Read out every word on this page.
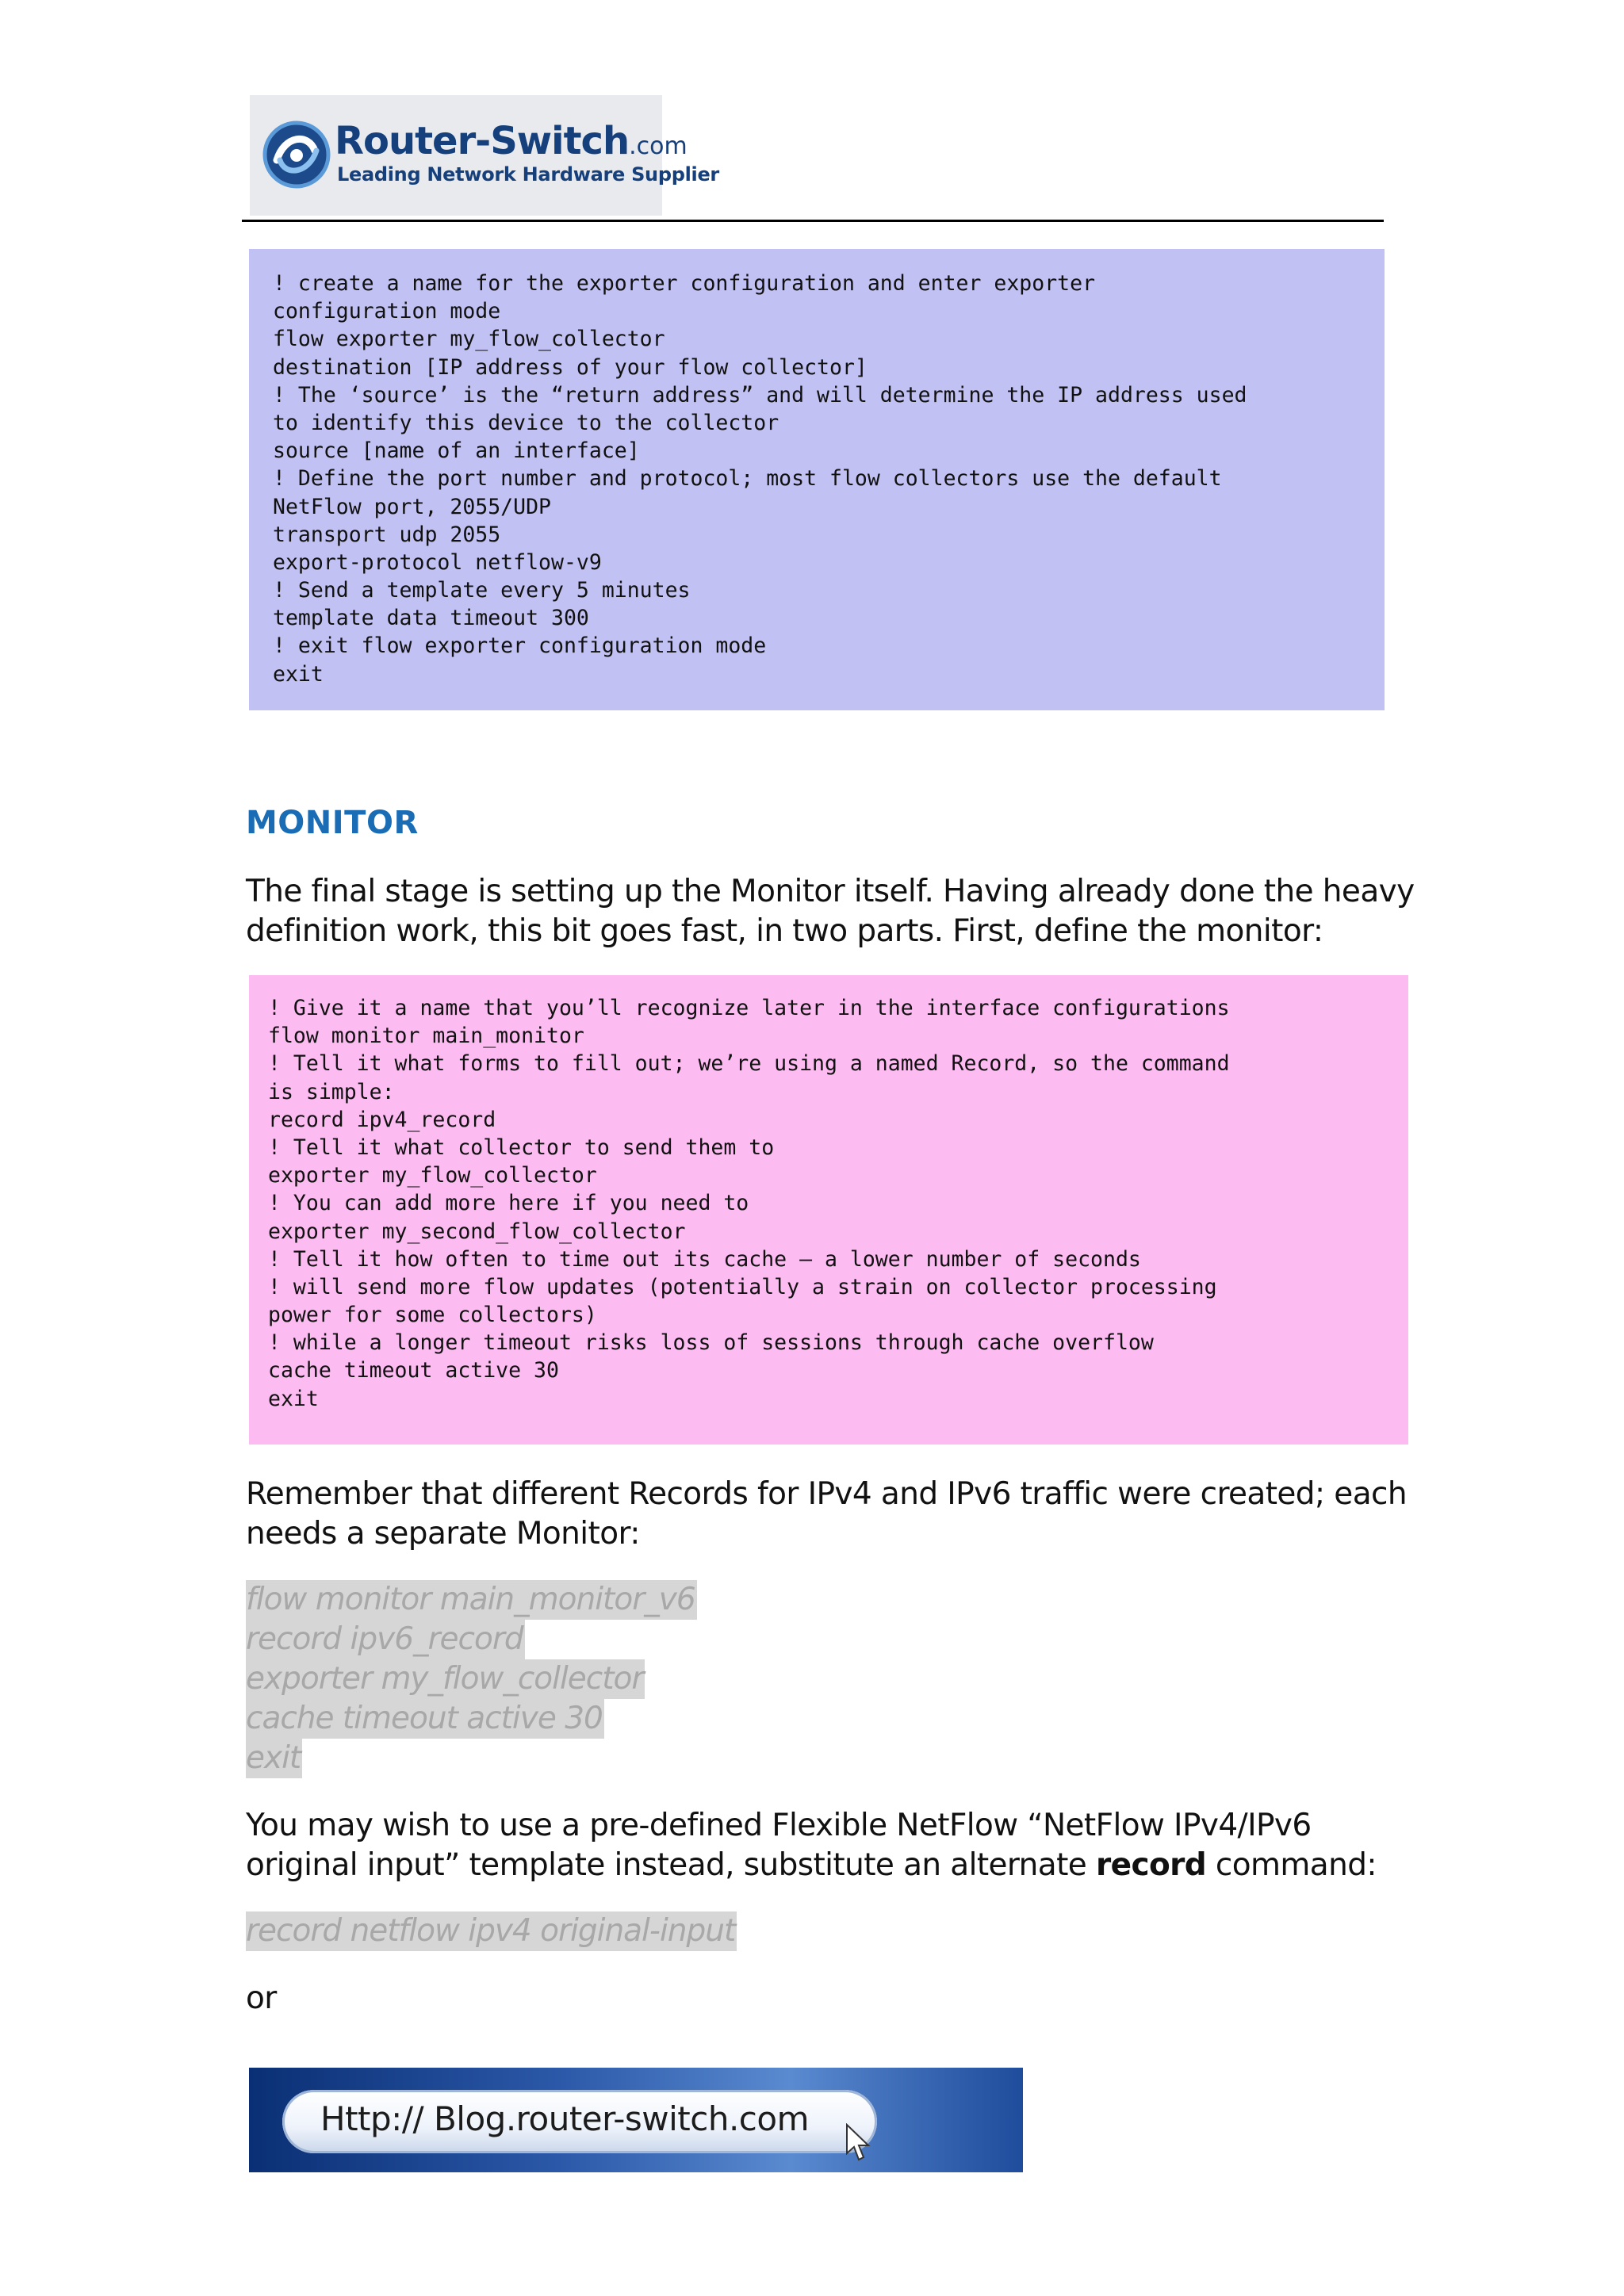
Router-Switch.com
Leading Network Hardware Supplier
! create a name for the exporter configuration and enter exporter
configuration mode
flow exporter my_flow_collector
destination [IP address of your flow collector]
! The ‘source’ is the “return address” and will determine the IP address used
to identify this device to the collector
source [name of an interface]
! Define the port number and protocol; most flow collectors use the default
NetFlow port, 2055/UDP
transport udp 2055
export-protocol netflow-v9
! Send a template every 5 minutes
template data timeout 300
! exit flow exporter configuration mode
exit
MONITOR
The final stage is setting up the Monitor itself. Having already done the heavy
definition work, this bit goes fast, in two parts. First, define the monitor:
! Give it a name that you’ll recognize later in the interface configurations
flow monitor main_monitor
! Tell it what forms to fill out; we’re using a named Record, so the command
is simple:
record ipv4_record
! Tell it what collector to send them to
exporter my_flow_collector
! You can add more here if you need to
exporter my_second_flow_collector
! Tell it how often to time out its cache — a lower number of seconds
! will send more flow updates (potentially a strain on collector processing
power for some collectors)
! while a longer timeout risks loss of sessions through cache overflow
cache timeout active 30
exit
Remember that different Records for IPv4 and IPv6 traffic were created; each
needs a separate Monitor:
flow monitor main_monitor_v6
record ipv6_record
exporter my_flow_collector
cache timeout active 30
exit
You may wish to use a pre-defined Flexible NetFlow “NetFlow IPv4/IPv6
original input” template instead, substitute an alternate record command:
record netflow ipv4 original-input
or
Http:// Blog.router-switch.com
